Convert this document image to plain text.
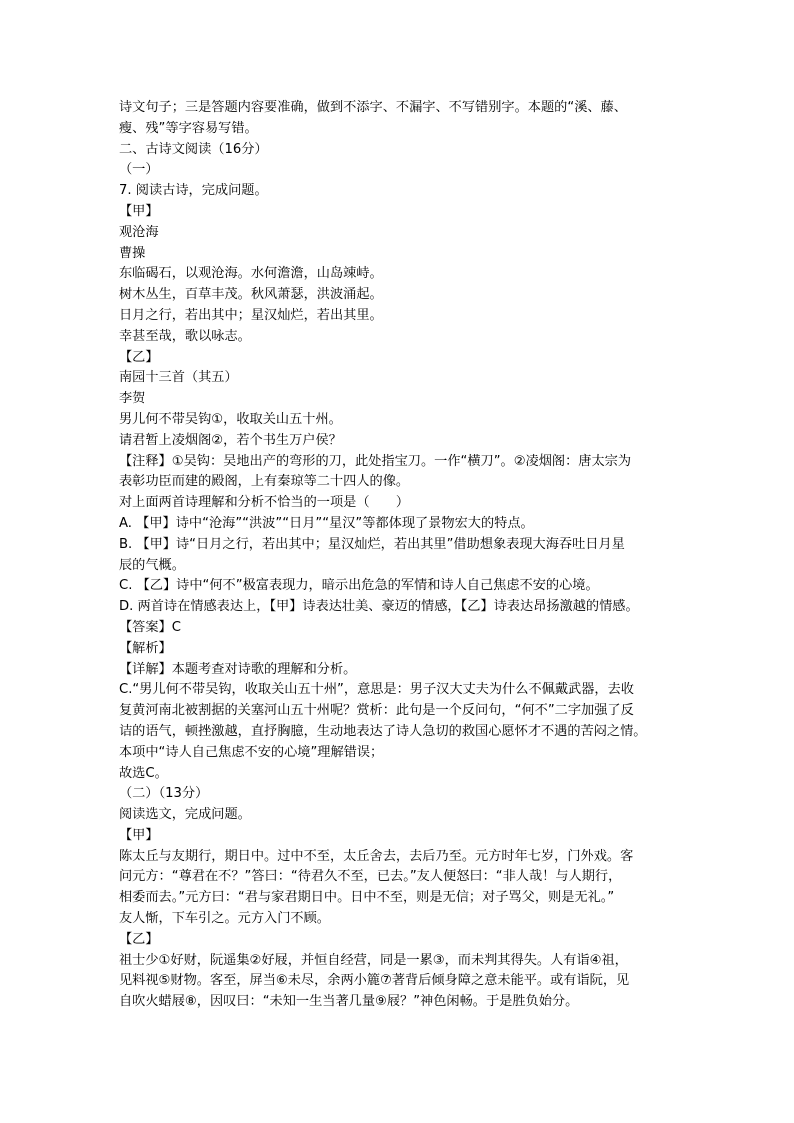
诗文句子；三是答题内容要准确，做到不添字、不漏字、不写错别字。本题的“溪、藤、
瘦、残”等字容易写错。
二、古诗文阅读（16分）
（一）
7. 阅读古诗，完成问题。
【甲】
观沧海
曹操
东临碣石，以观沧海。水何澹澹，山岛竦峙。
树木丛生，百草丰茂。秋风萧瑟，洪波涌起。
日月之行，若出其中；星汉灿烂，若出其里。
幸甚至哉，歌以咏志。
【乙】
南园十三首（其五）
李贺
男儿何不带吴钩①，收取关山五十州。
请君暂上凌烟阁②，若个书生万户侯？
【注释】①吴钩：吴地出产的弯形的刀，此处指宝刀。一作“横刀”。②凌烟阁：唐太宗为
表彰功臣而建的殿阁，上有秦琼等二十四人的像。
对上面两首诗理解和分析不恰当的一项是（　　）
A. 【甲】诗中“沧海”“洪波”“日月”“星汉”等都体现了景物宏大的特点。
B. 【甲】诗“日月之行，若出其中；星汉灿烂，若出其里”借助想象表现大海吞吐日月星
辰的气概。
C. 【乙】诗中“何不”极富表现力，暗示出危急的军情和诗人自己焦虑不安的心境。
D. 两首诗在情感表达上，【甲】诗表达壮美、豪迈的情感，【乙】诗表达昂扬激越的情感。
【答案】C
【解析】
【详解】本题考查对诗歌的理解和分析。
C.“男儿何不带吴钩，收取关山五十州”，意思是：男子汉大丈夫为什么不佩戴武器，去收
复黄河南北被割据的关塞河山五十州呢？赏析：此句是一个反问句，“何不”二字加强了反
诘的语气，顿挫激越，直抒胸臆，生动地表达了诗人急切的救国心愿怀才不遇的苦闷之情。
本项中“诗人自己焦虑不安的心境”理解错误；
故选C。
（二）（13分）
阅读选文，完成问题。
【甲】
陈太丘与友期行，期日中。过中不至，太丘舍去，去后乃至。元方时年七岁，门外戏。客
问元方：“尊君在不？”答曰：“待君久不至，已去。”友人便怒曰：“非人哉！与人期行，
相委而去。”元方曰：“君与家君期日中。日中不至，则是无信；对子骂父，则是无礼。”
友人惭，下车引之。元方入门不顾。
【乙】
祖士少①好财，阮遥集②好屐，并恒自经营，同是一累③，而未判其得失。人有诣④祖，
见料视⑤财物。客至，屏当⑥未尽，余两小簏⑦著背后倾身障之意未能平。或有诣阮，见
自吹火蜡屐⑧，因叹曰：“未知一生当著几量⑨屐？”神色闲畅。于是胜负始分。
